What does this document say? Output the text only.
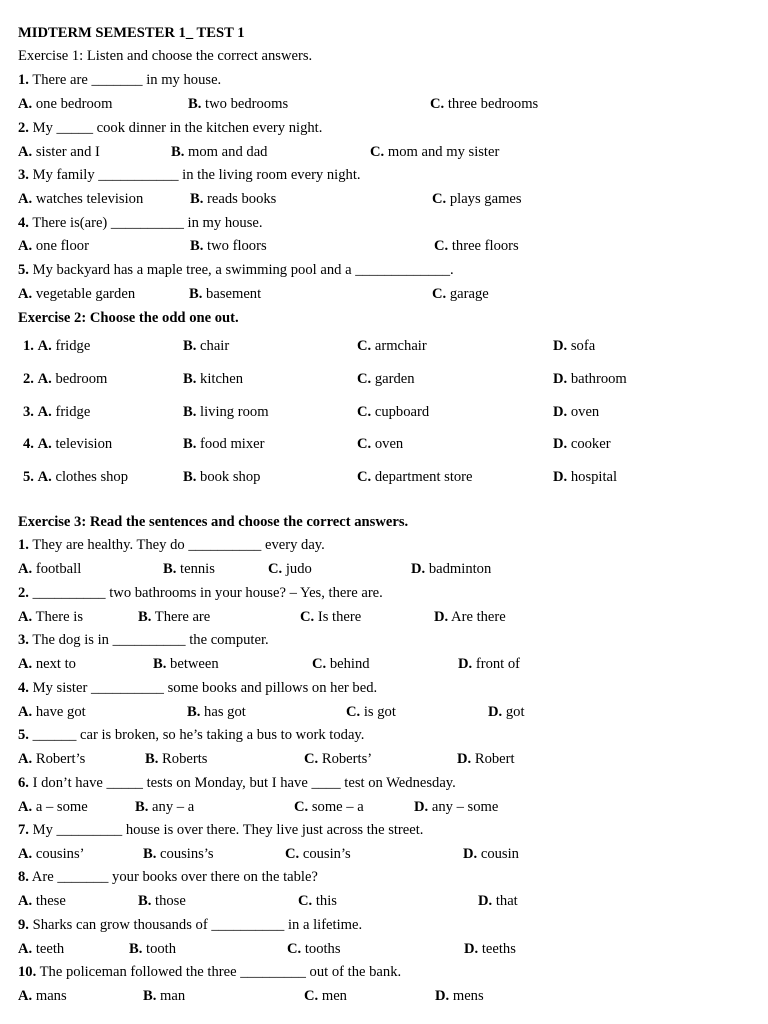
MIDTERM SEMESTER 1_ TEST 1
Exercise 1: Listen and choose the correct answers.
1. There are _______ in my house.
A. one bedroom	B. two bedrooms	C. three bedrooms
2. My _____ cook dinner in the kitchen every night.
A. sister and I	B. mom and dad	C. mom and my sister
3. My family ___________ in the living room every night.
A. watches television	B. reads books	C. plays games
4. There is(are) __________ in my house.
A. one floor	B. two floors	C. three floors
5. My backyard has a maple tree, a swimming pool and a _____________.
A. vegetable garden	B. basement	C. garage
Exercise 2: Choose the odd one out.
1. A. fridge	B. chair	C. armchair	D. sofa
2. A. bedroom	B. kitchen	C. garden	D. bathroom
3. A. fridge	B. living room	C. cupboard	D. oven
4. A. television	B. food mixer	C. oven	D. cooker
5. A. clothes shop	B. book shop	C. department store	D. hospital
Exercise 3: Read the sentences and choose the correct answers.
1. They are healthy. They do __________ every day.
A. football	B. tennis	C. judo	D. badminton
2. __________ two bathrooms in your house? – Yes, there are.
A. There is	B. There are	C. Is there	D. Are there
3. The dog is in __________ the computer.
A. next to	B. between	C. behind	D. front of
4. My sister __________ some books and pillows on her bed.
A. have got	B. has got	C. is got	D. got
5. ______ car is broken, so he’s taking a bus to work today.
A. Robert’s	B. Roberts	C. Roberts’	D. Robert
6. I don’t have _____ tests on Monday, but I have ____ test on Wednesday.
A. a – some	B. any – a	C. some – a	D. any – some
7. My _________ house is over there. They live just across the street.
A. cousins’	B. cousins’s	C. cousin’s	D. cousin
8. Are _______ your books over there on the table?
A. these	B. those	C. this	D. that
9. Sharks can grow thousands of __________ in a lifetime.
A. teeth	B. tooth	C. tooths	D. teeths
10. The policeman followed the three _________ out of the bank.
A. mans	B. man	C. men	D. mens
